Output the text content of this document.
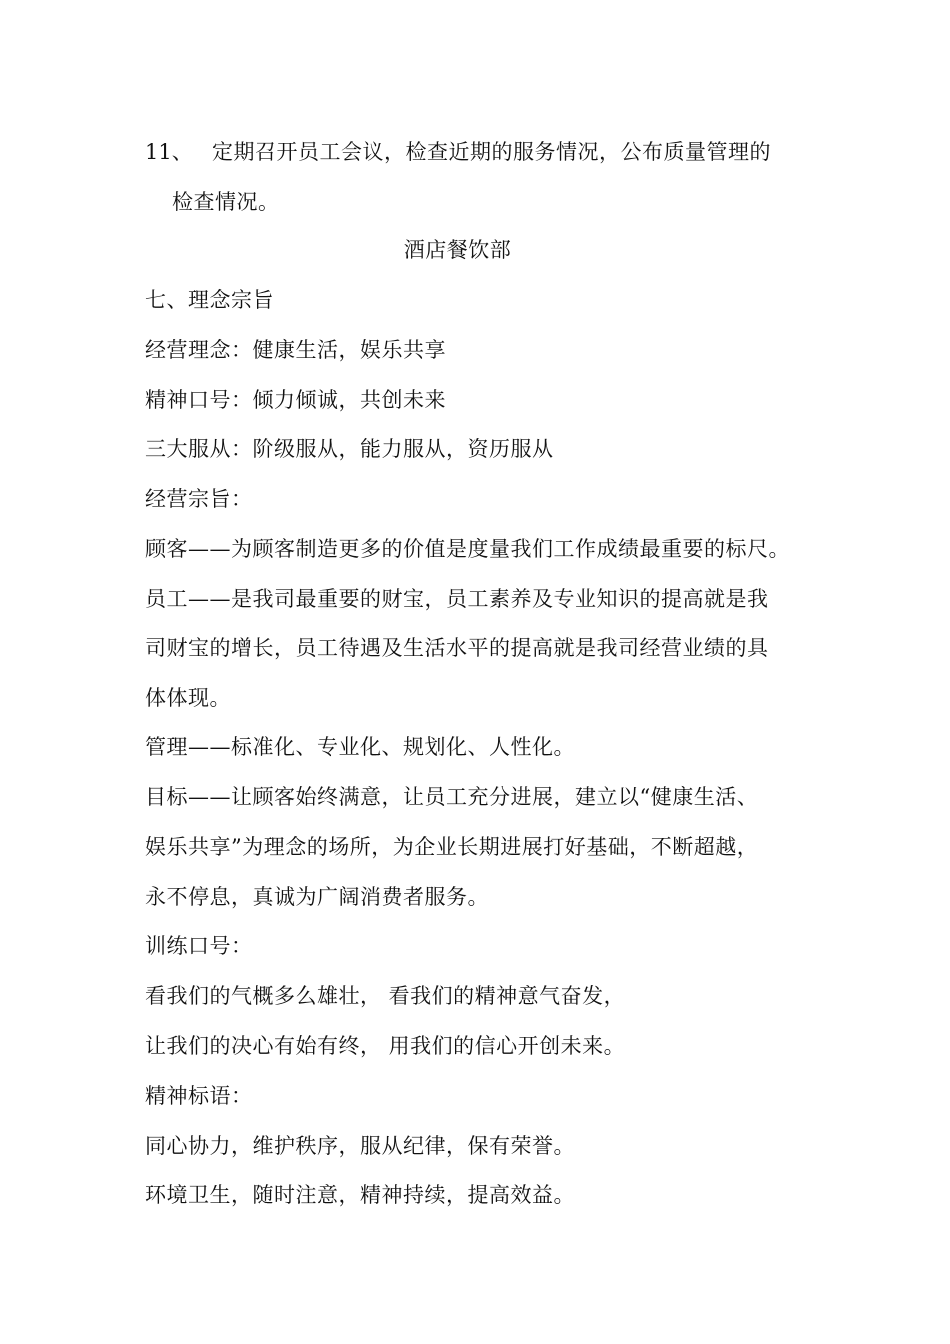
11、 定期召开员工会议，检查近期的服务情况，公布质量管理的
检查情况。
酒店餐饮部
七、理念宗旨
经营理念：健康生活，娱乐共享
精神口号：倾力倾诚，共创未来
三大服从：阶级服从，能力服从，资历服从
经营宗旨：
顾客——为顾客制造更多的价值是度量我们工作成绩最重要的标尺。
员工——是我司最重要的财宝，员工素养及专业知识的提高就是我
司财宝的增长，员工待遇及生活水平的提高就是我司经营业绩的具
体体现。
管理——标准化、专业化、规划化、人性化。
目标——让顾客始终满意，让员工充分进展，建立以“健康生活、
娱乐共享”为理念的场所，为企业长期进展打好基础，不断超越，
永不停息，真诚为广阔消费者服务。
训练口号：
看我们的气概多么雄壮， 看我们的精神意气奋发，
让我们的决心有始有终， 用我们的信心开创未来。
精神标语：
同心协力，维护秩序，服从纪律，保有荣誉。
环境卫生，随时注意，精神持续，提高效益。
